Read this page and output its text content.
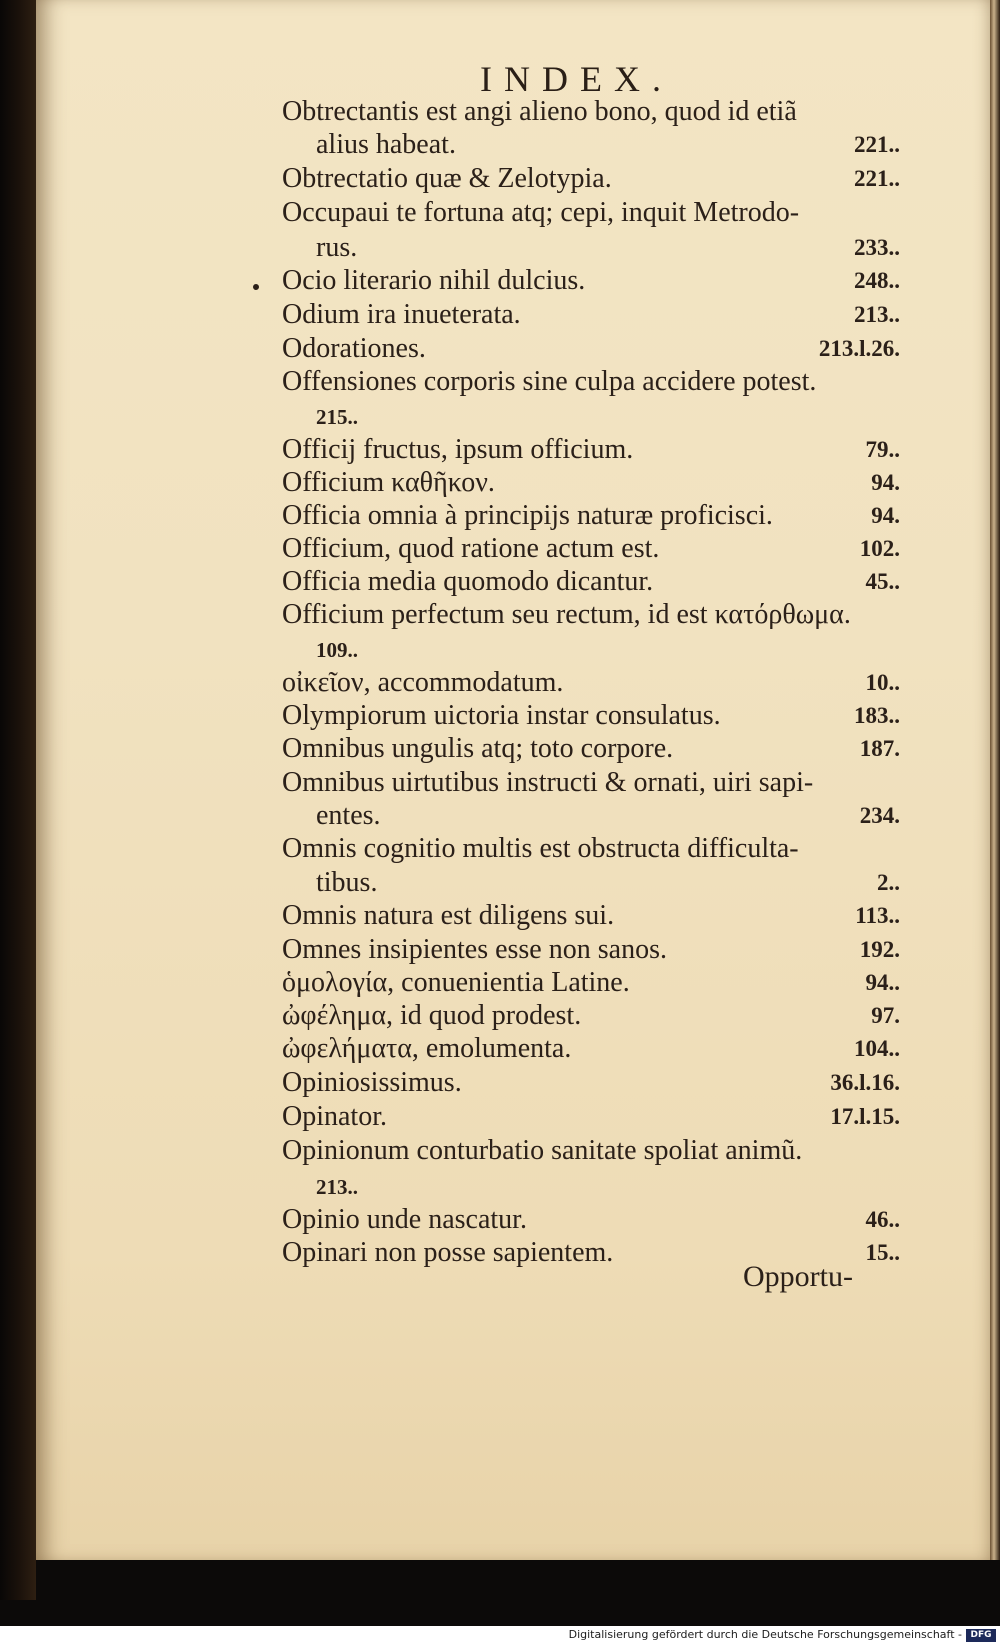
INDEX.
Obtrectantis est angi alieno bono, quod id etiã
alius habeat.	221..
Obtrectatio quæ & Zelotypia.	221..
Occupaui te fortuna atq; cepi, inquit Metrodo-
rus.	233..
Ocio literario nihil dulcius.	248..
Odium ira inueterata.	213..
Odorationes.	213.l.26.
Offensiones corporis sine culpa accidere potest.
215..
Officij fructus, ipsum officium.	79..
Officium καθῆκον.	94.
Officia omnia à principijs naturæ proficisci.	94.
Officium, quod ratione actum est.	102.
Officia media quomodo dicantur.	45..
Officium perfectum seu rectum, id est κατόρθωμα.
109..
οἰκεῖον, accommodatum.	10..
Olympiorum uictoria instar consulatus.	183..
Omnibus ungulis atq; toto corpore.	187.
Omnibus uirtutibus instructi & ornati, uiri sapi-
entes.	234.
Omnis cognitio multis est obstructa difficulta-
tibus.	2..
Omnis natura est diligens sui.	113..
Omnes insipientes esse non sanos.	192.
ὁμολογία, conuenientia Latine.	94..
ὠφέλημα, id quod prodest.	97.
ὠφελήματα, emolumenta.	104..
Opiniosissimus.	36.l.16.
Opinator.	17.l.15.
Opinionum conturbatio sanitate spoliat animũ.
213..
Opinio unde nascatur.	46..
Opinari non posse sapientem.	15..
Opportu-
Digitalisierung gefördert durch die Deutsche Forschungsgemeinschaft - DFG
